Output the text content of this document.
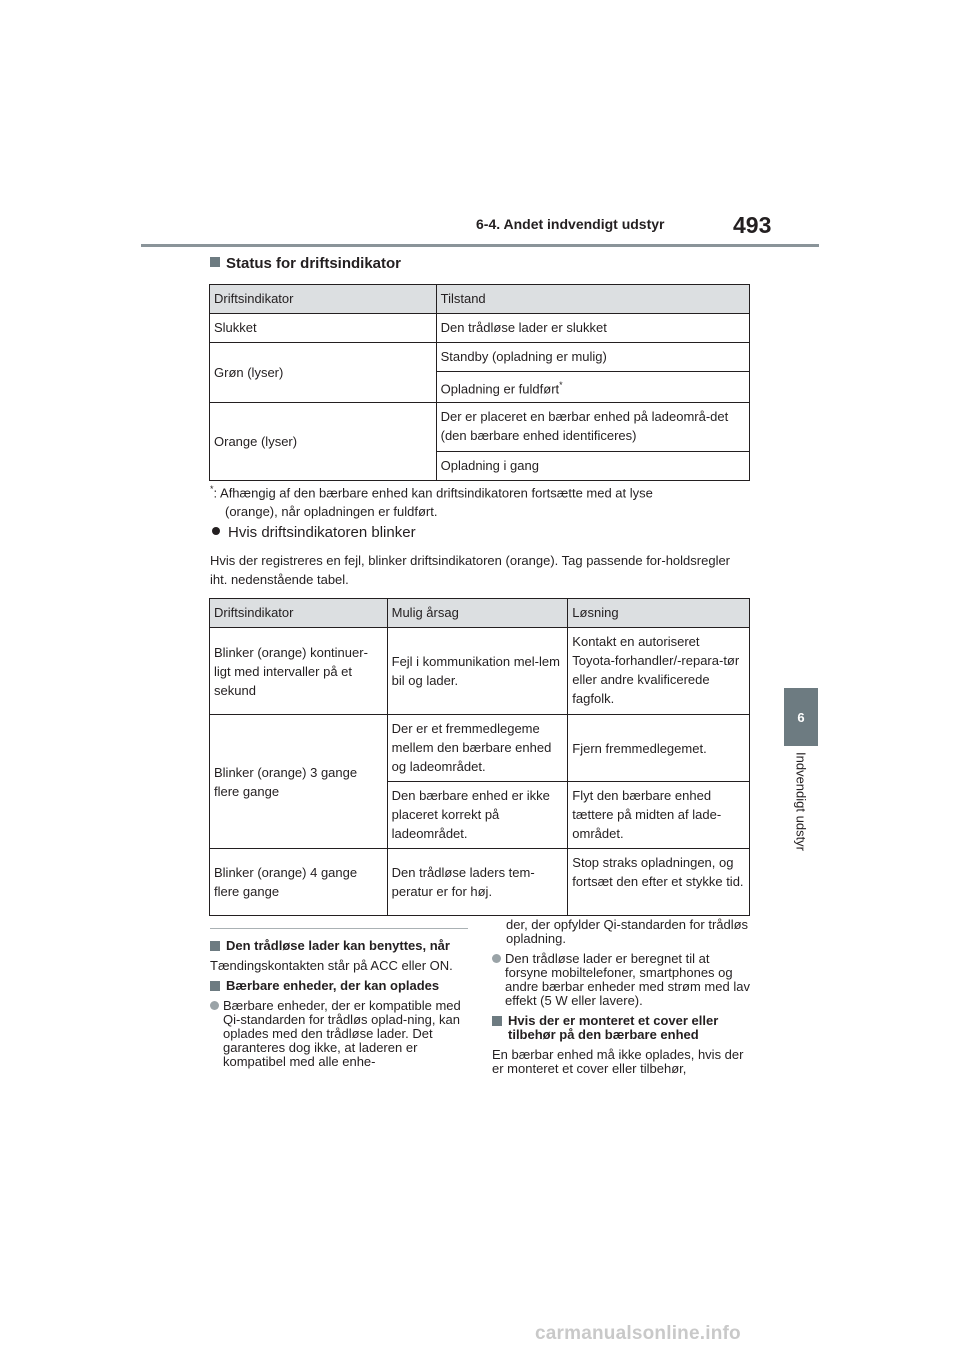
6-4. Andet indvendigt udstyr	493
6
Indvendigt udstyr
Status for driftsindikator
Driftsindikator	Tilstand
Slukket	Den trådløse lader er slukket
Grøn (lyser)	Standby (opladning er mulig)
	Opladning er fuldført*
Orange (lyser)	Der er placeret en bærbar enhed på ladeområ-det (den bærbare enhed identificeres)
	Opladning i gang
*: Afhængig af den bærbare enhed kan driftsindikatoren fortsætte med at lyse
(orange), når opladningen er fuldført.
Hvis driftsindikatoren blinker
Hvis der registreres en fejl, blinker driftsindikatoren (orange). Tag passende for-holdsregler iht. nedenstående tabel.
Driftsindikator	Mulig årsag	Løsning
Blinker (orange) kontinuer-ligt med intervaller på et sekund	Fejl i kommunikation mel-lem bil og lader.	Kontakt en autoriseret Toyota-forhandler/-repara-tør eller andre kvalificerede fagfolk.
Blinker (orange) 3 gange flere gange	Der er et fremmedlegeme mellem den bærbare enhed og ladeområdet.	Fjern fremmedlegemet.
	Den bærbare enhed er ikke placeret korrekt på ladeområdet.	Flyt den bærbare enhed tættere på midten af lade-området.
Blinker (orange) 4 gange flere gange	Den trådløse laders tem-peratur er for høj.	Stop straks opladningen, og fortsæt den efter et stykke tid.
Den trådløse lader kan benyttes, når

Tændingskontakten står på ACC eller ON.

Bærbare enheder, der kan oplades
Bærbare enheder, der er kompatible med Qi-standarden for trådløs oplad-ning, kan oplades med den trådløse lader. Det garanteres dog ikke, at laderen er kompatibel med alle enhe-

der, der opfylder Qi-standarden for trådløs opladning.

Den trådløse lader er beregnet til at forsyne mobiltelefoner, smartphones og andre bærbar enheder med strøm med lav effekt (5 W eller lavere).
Hvis der er monteret et cover eller tilbehør på den bærbare enhed

En bærbar enhed må ikke oplades, hvis der er monteret et cover eller tilbehør,

carmanualsonline.info
